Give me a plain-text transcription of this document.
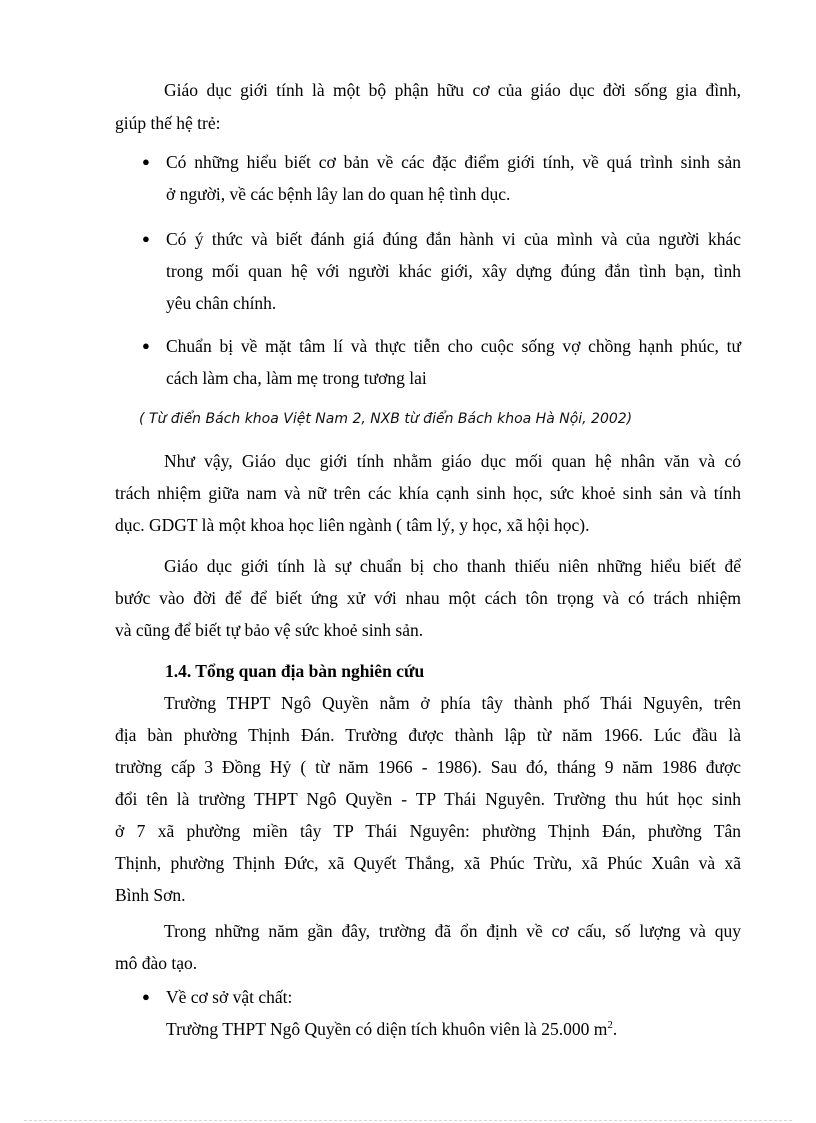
Giáo dục giới tính là một bộ phận hữu cơ của giáo dục đời sống gia đình,
giúp thế hệ trẻ:
● Có những hiểu biết cơ bản về các đặc điểm giới tính, về quá trình sinh sản
ở người, về các bệnh lây lan do quan hệ tình dục.
● Có ý thức và biết đánh giá đúng đắn hành vi của mình và của người khác
trong mối quan hệ với người khác giới, xây dựng đúng đắn tình bạn, tình
yêu chân chính.
● Chuẩn bị về mặt tâm lí và thực tiễn cho cuộc sống vợ chồng hạnh phúc, tư
cách làm cha, làm mẹ trong tương lai
( Từ điển Bách khoa Việt Nam 2, NXB từ điển Bách khoa Hà Nội, 2002)
Như vậy, Giáo dục giới tính nhằm giáo dục mối quan hệ nhân văn và có
trách nhiệm giữa nam và nữ trên các khía cạnh sinh học, sức khoẻ sinh sản và tính
dục. GDGT là một khoa học liên ngành ( tâm lý, y học, xã hội học).
Giáo dục giới tính là sự chuẩn bị cho thanh thiếu niên những hiểu biết để
bước vào đời để để biết ứng xử với nhau một cách tôn trọng và có trách nhiệm
và cũng để biết tự bảo vệ sức khoẻ sinh sản.
1.4. Tổng quan địa bàn nghiên cứu
Trường THPT Ngô Quyền nằm ở phía tây thành phố Thái Nguyên, trên
địa bàn phường Thịnh Đán. Trường được thành lập từ năm 1966. Lúc đầu là
trường cấp 3 Đồng Hỷ ( từ năm 1966 - 1986). Sau đó, tháng 9 năm 1986 được
đổi tên là trường THPT Ngô Quyền - TP Thái Nguyên. Trường thu hút học sinh
ở 7 xã phường miền tây TP Thái Nguyên: phường Thịnh Đán, phường Tân
Thịnh, phường Thịnh Đức, xã Quyết Thắng, xã Phúc Trừu, xã Phúc Xuân và xã
Bình Sơn.
Trong những năm gần đây, trường đã ổn định về cơ cấu, số lượng và quy
mô đào tạo.
● Về cơ sở vật chất:
Trường THPT Ngô Quyền có diện tích khuôn viên là 25.000 $m^2$.
